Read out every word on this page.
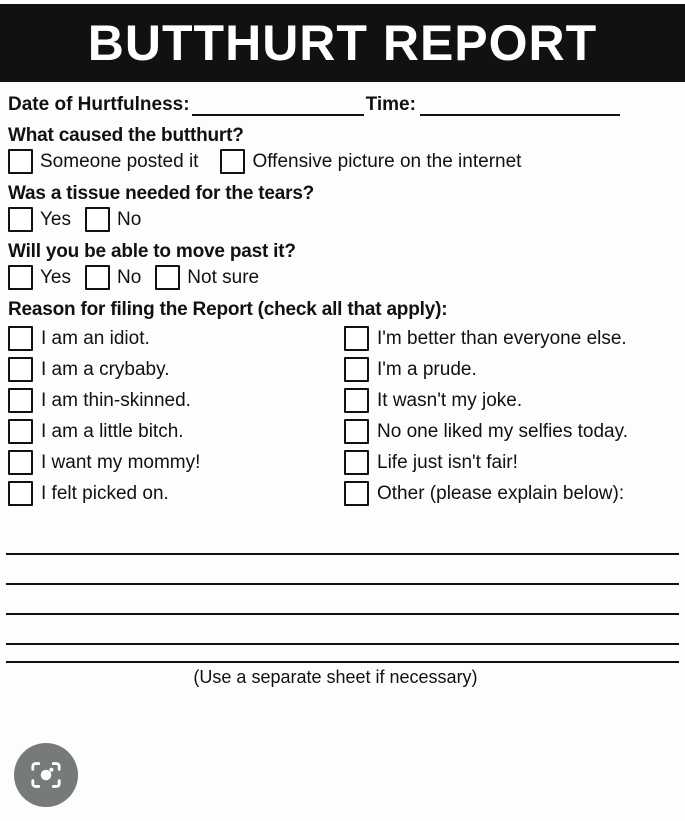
BUTTHURT REPORT
Date of Hurtfulness:	Time:
What caused the butthurt?
Someone posted it	Offensive picture on the internet
Was a tissue needed for the tears?
Yes No
Will you be able to move past it?
Yes No Not sure
Reason for filing the Report (check all that apply):
I am an idiot.
I am a crybaby.
I am thin-skinned.
I am a little bitch.
I want my mommy!
I felt picked on.
I'm better than everyone else.
I'm a prude.
It wasn't my joke.
No one liked my selfies today.
Life just isn't fair!
Other (please explain below):
(Use a separate sheet if necessary)
